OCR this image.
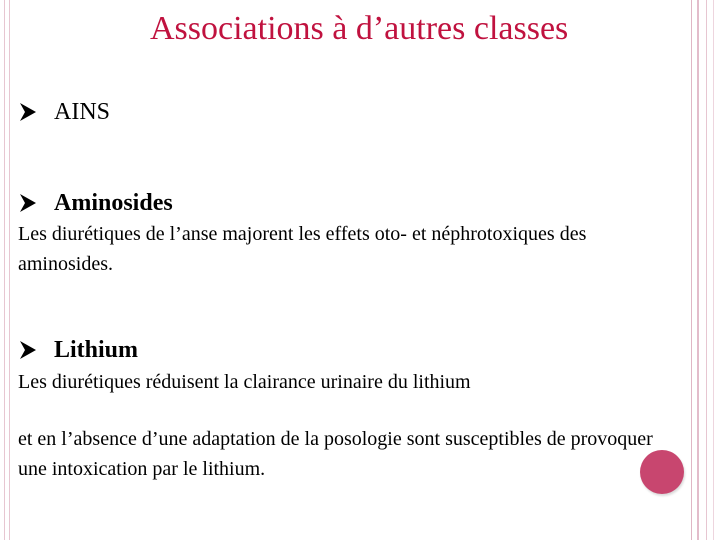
Associations à d’autres classes
AINS
Aminosides
Les diurétiques de l’anse majorent les effets oto- et néphrotoxiques des aminosides.
Lithium
Les diurétiques réduisent la clairance urinaire du lithium
et en l’absence d’une adaptation de la posologie sont susceptibles de provoquer une intoxication par le lithium.
